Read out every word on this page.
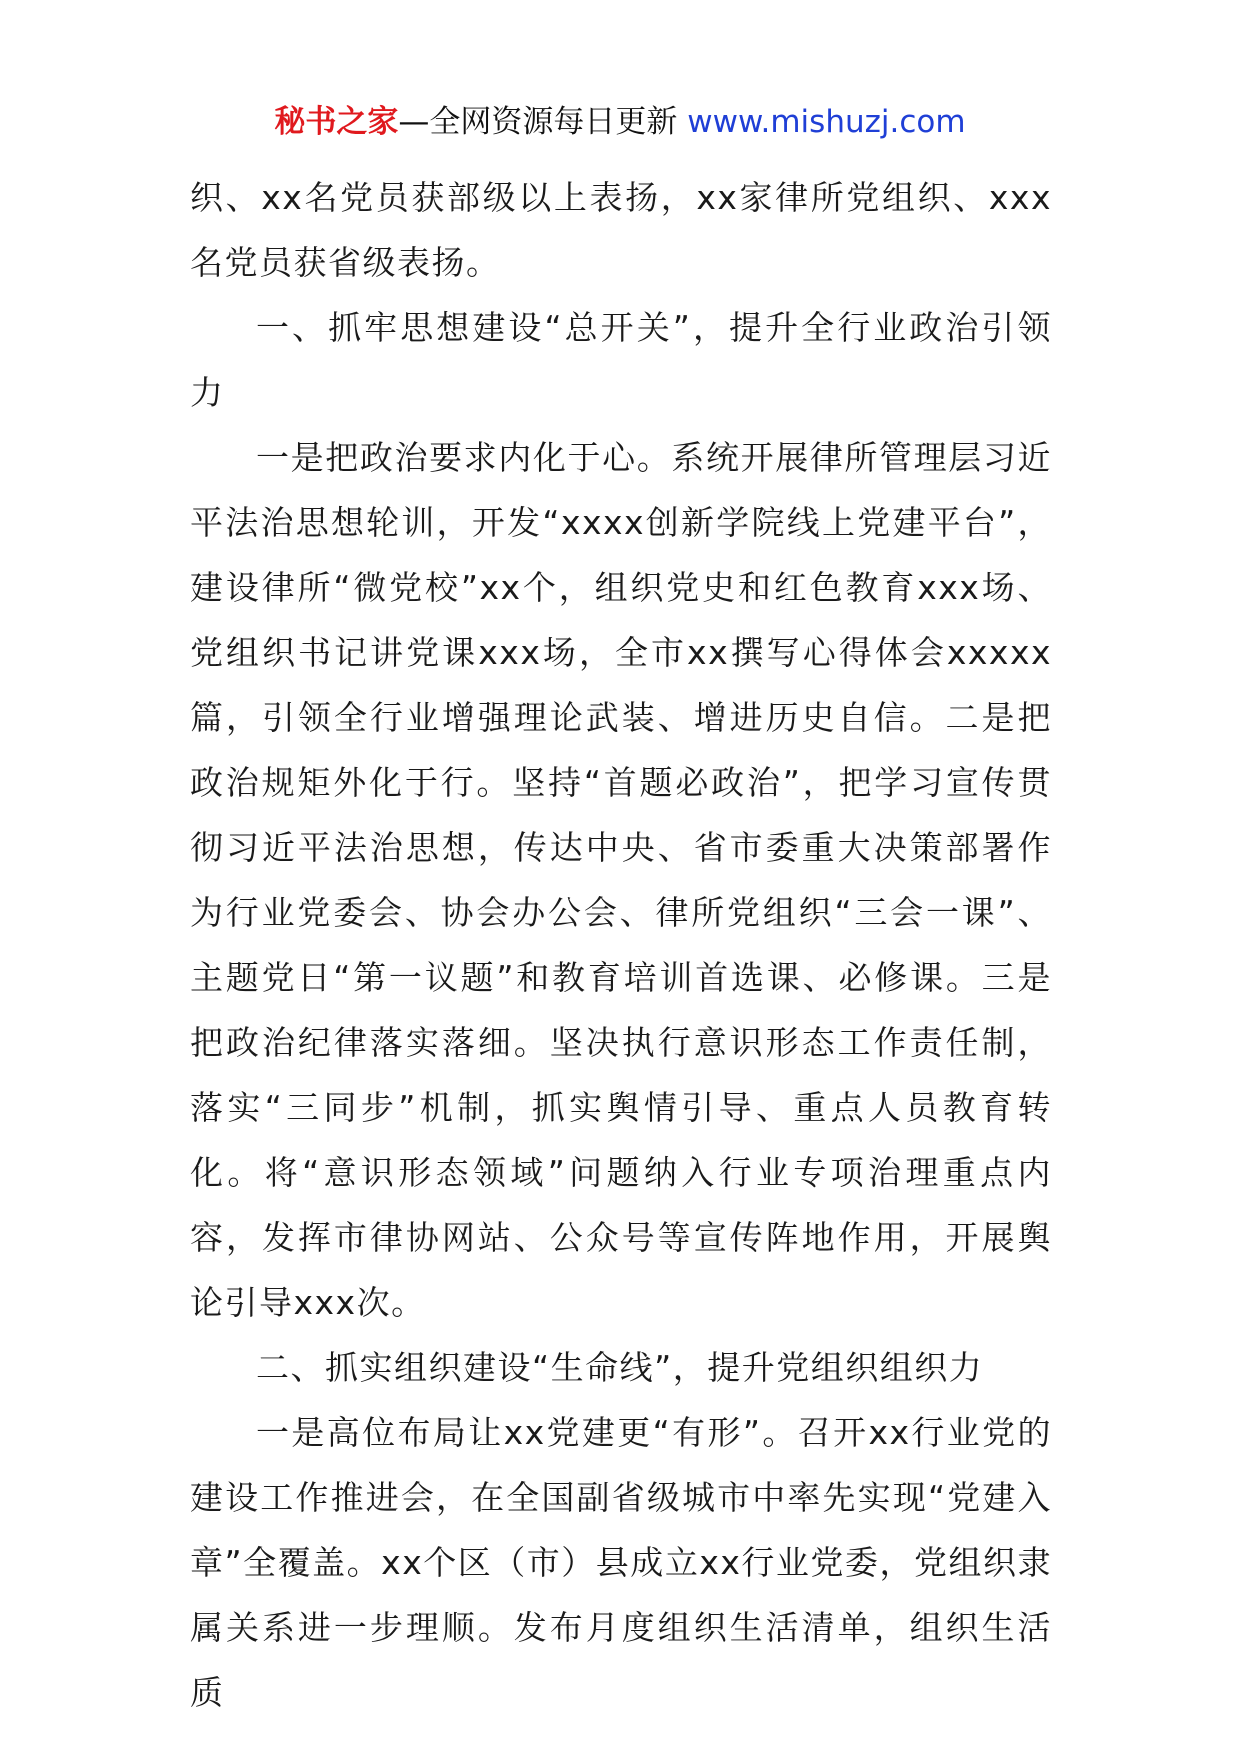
秘书之家—全网资源每日更新 www.mishuzj.com

织、xx名党员获部级以上表扬，xx家律所党组织、xxx名党员获省级表扬。

一、抓牢思想建设“总开关”，提升全行业政治引领力

一是把政治要求内化于心。系统开展律所管理层习近平法治思想轮训，开发“xxxx创新学院线上党建平台”，建设律所“微党校”xx个，组织党史和红色教育xxx场、党组织书记讲党课xxx场，全市xx撰写心得体会xxxxx篇，引领全行业增强理论武装、增进历史自信。二是把政治规矩外化于行。坚持“首题必政治”，把学习宣传贯彻习近平法治思想，传达中央、省市委重大决策部署作为行业党委会、协会办公会、律所党组织“三会一课”、主题党日“第一议题”和教育培训首选课、必修课。三是把政治纪律落实落细。坚决执行意识形态工作责任制，落实“三同步”机制，抓实舆情引导、重点人员教育转化。将“意识形态领域”问题纳入行业专项治理重点内容，发挥市律协网站、公众号等宣传阵地作用，开展舆论引导xxx次。

二、抓实组织建设“生命线”，提升党组织组织力

一是高位布局让xx党建更“有形”。召开xx行业党的建设工作推进会，在全国副省级城市中率先实现“党建入章”全覆盖。xx个区（市）县成立xx行业党委，党组织隶属关系进一步理顺。发布月度组织生活清单，组织生活质
